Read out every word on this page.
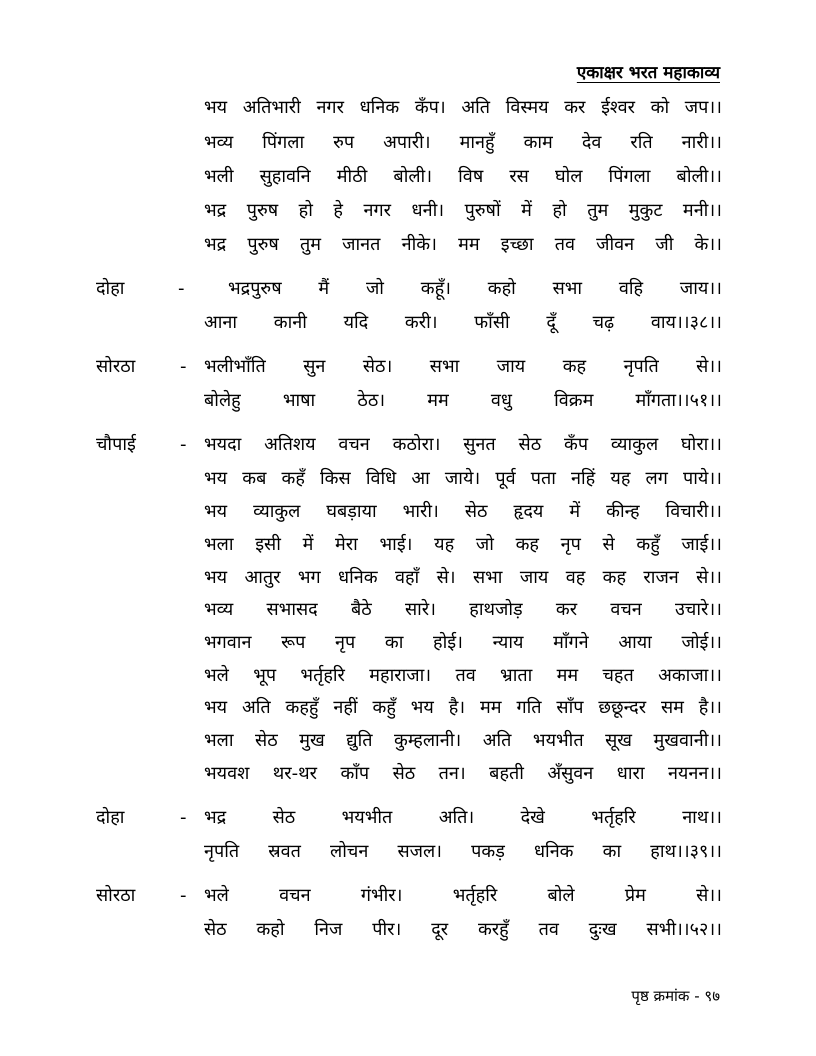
एकाक्षर भरत महाकाव्य
भय अतिभारी नगर धनिक कँप। अति विस्मय कर ईश्वर को जप।।
भव्य पिंगला रुप अपारी। मानहुँ काम देव रति नारी।।
भली सुहावनि मीठी बोली। विष रस घोल पिंगला बोली।।
भद्र पुरुष हो हे नगर धनी। पुरुषों में हो तुम मुकुट मनी।।
भद्र पुरुष तुम जानत नीके। मम इच्छा तव जीवन जी के।।
दोहा	- भद्रपुरुष मैं जो कहूँ। कहो सभा वहि जाय।।
आना कानी यदि करी। फाँसी दूँ चढ़ वाय।।३८।।
सोरठा - भलीभाँति सुन सेठ। सभा जाय कह नृपति से।।
बोलेहु भाषा ठेठ। मम वधु विक्रम माँगता।।५१।।
चौपाई - भयदा अतिशय वचन कठोरा। सुनत सेठ कँप व्याकुल घोरा।।
भय कब कहँ किस विधि आ जाये। पूर्व पता नहिं यह लग पाये।।
भय व्याकुल घबड़ाया भारी। सेठ हृदय में कीन्ह विचारी।।
भला इसी में मेरा भाई। यह जो कह नृप से कहुँ जाई।।
भय आतुर भग धनिक वहाँ से। सभा जाय वह कह राजन से।।
भव्य सभासद बैठे सारे। हाथजोड़ कर वचन उचारे।।
भगवान रूप नृप का होई। न्याय माँगने आया जोई।।
भले भूप भर्तृहरि महाराजा। तव भ्राता मम चहत अकाजा।।
भय अति कहहुँ नहीं कहुँ भय है। मम गति साँप छछून्दर सम है।।
भला सेठ मुख द्युति कुम्हलानी। अति भयभीत सूख मुखवानी।।
भयवश थर-थर काँप सेठ तन। बहती अँसुवन धारा नयनन।।
दोहा	- भद्र सेठ भयभीत अति। देखे भर्तृहरि नाथ।।
नृपति स्रवत लोचन सजल। पकड़ धनिक का हाथ।।३९।।
सोरठा - भले वचन गंभीर। भर्तृहरि बोले प्रेम से।।
सेठ कहो निज पीर। दूर करहुँ तव दुःख सभी।।५२।।
पृष्ठ क्रमांक - ९७
